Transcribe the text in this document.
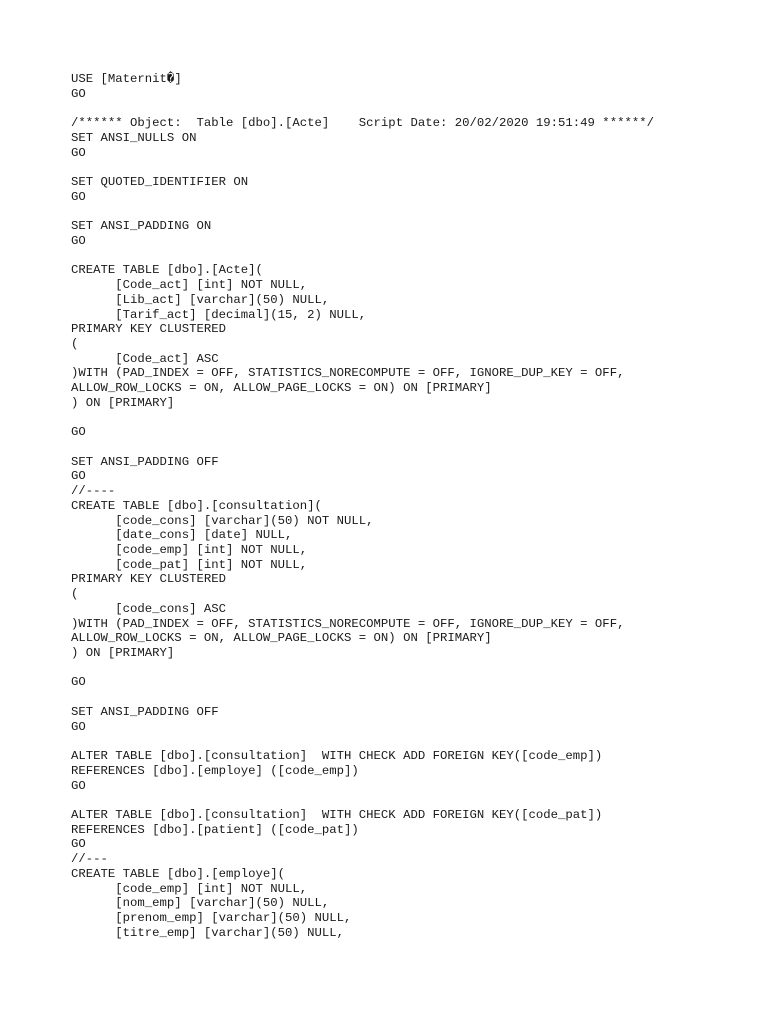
USE [Maternit�]
GO

/****** Object:  Table [dbo].[Acte]    Script Date: 20/02/2020 19:51:49 ******/
SET ANSI_NULLS ON
GO

SET QUOTED_IDENTIFIER ON
GO

SET ANSI_PADDING ON
GO

CREATE TABLE [dbo].[Acte](
[Code_act] [int] NOT NULL,
[Lib_act] [varchar](50) NULL,
[Tarif_act] [decimal](15, 2) NULL,
PRIMARY KEY CLUSTERED
(
[Code_act] ASC
)WITH (PAD_INDEX = OFF, STATISTICS_NORECOMPUTE = OFF, IGNORE_DUP_KEY = OFF,
ALLOW_ROW_LOCKS = ON, ALLOW_PAGE_LOCKS = ON) ON [PRIMARY]
) ON [PRIMARY]

GO

SET ANSI_PADDING OFF
GO
//----
CREATE TABLE [dbo].[consultation](
[code_cons] [varchar](50) NOT NULL,
[date_cons] [date] NULL,
[code_emp] [int] NOT NULL,
[code_pat] [int] NOT NULL,
PRIMARY KEY CLUSTERED
(
[code_cons] ASC
)WITH (PAD_INDEX = OFF, STATISTICS_NORECOMPUTE = OFF, IGNORE_DUP_KEY = OFF,
ALLOW_ROW_LOCKS = ON, ALLOW_PAGE_LOCKS = ON) ON [PRIMARY]
) ON [PRIMARY]

GO

SET ANSI_PADDING OFF
GO

ALTER TABLE [dbo].[consultation]  WITH CHECK ADD FOREIGN KEY([code_emp])
REFERENCES [dbo].[employe] ([code_emp])
GO

ALTER TABLE [dbo].[consultation]  WITH CHECK ADD FOREIGN KEY([code_pat])
REFERENCES [dbo].[patient] ([code_pat])
GO
//---
CREATE TABLE [dbo].[employe](
[code_emp] [int] NOT NULL,
[nom_emp] [varchar](50) NULL,
[prenom_emp] [varchar](50) NULL,
[titre_emp] [varchar](50) NULL,
